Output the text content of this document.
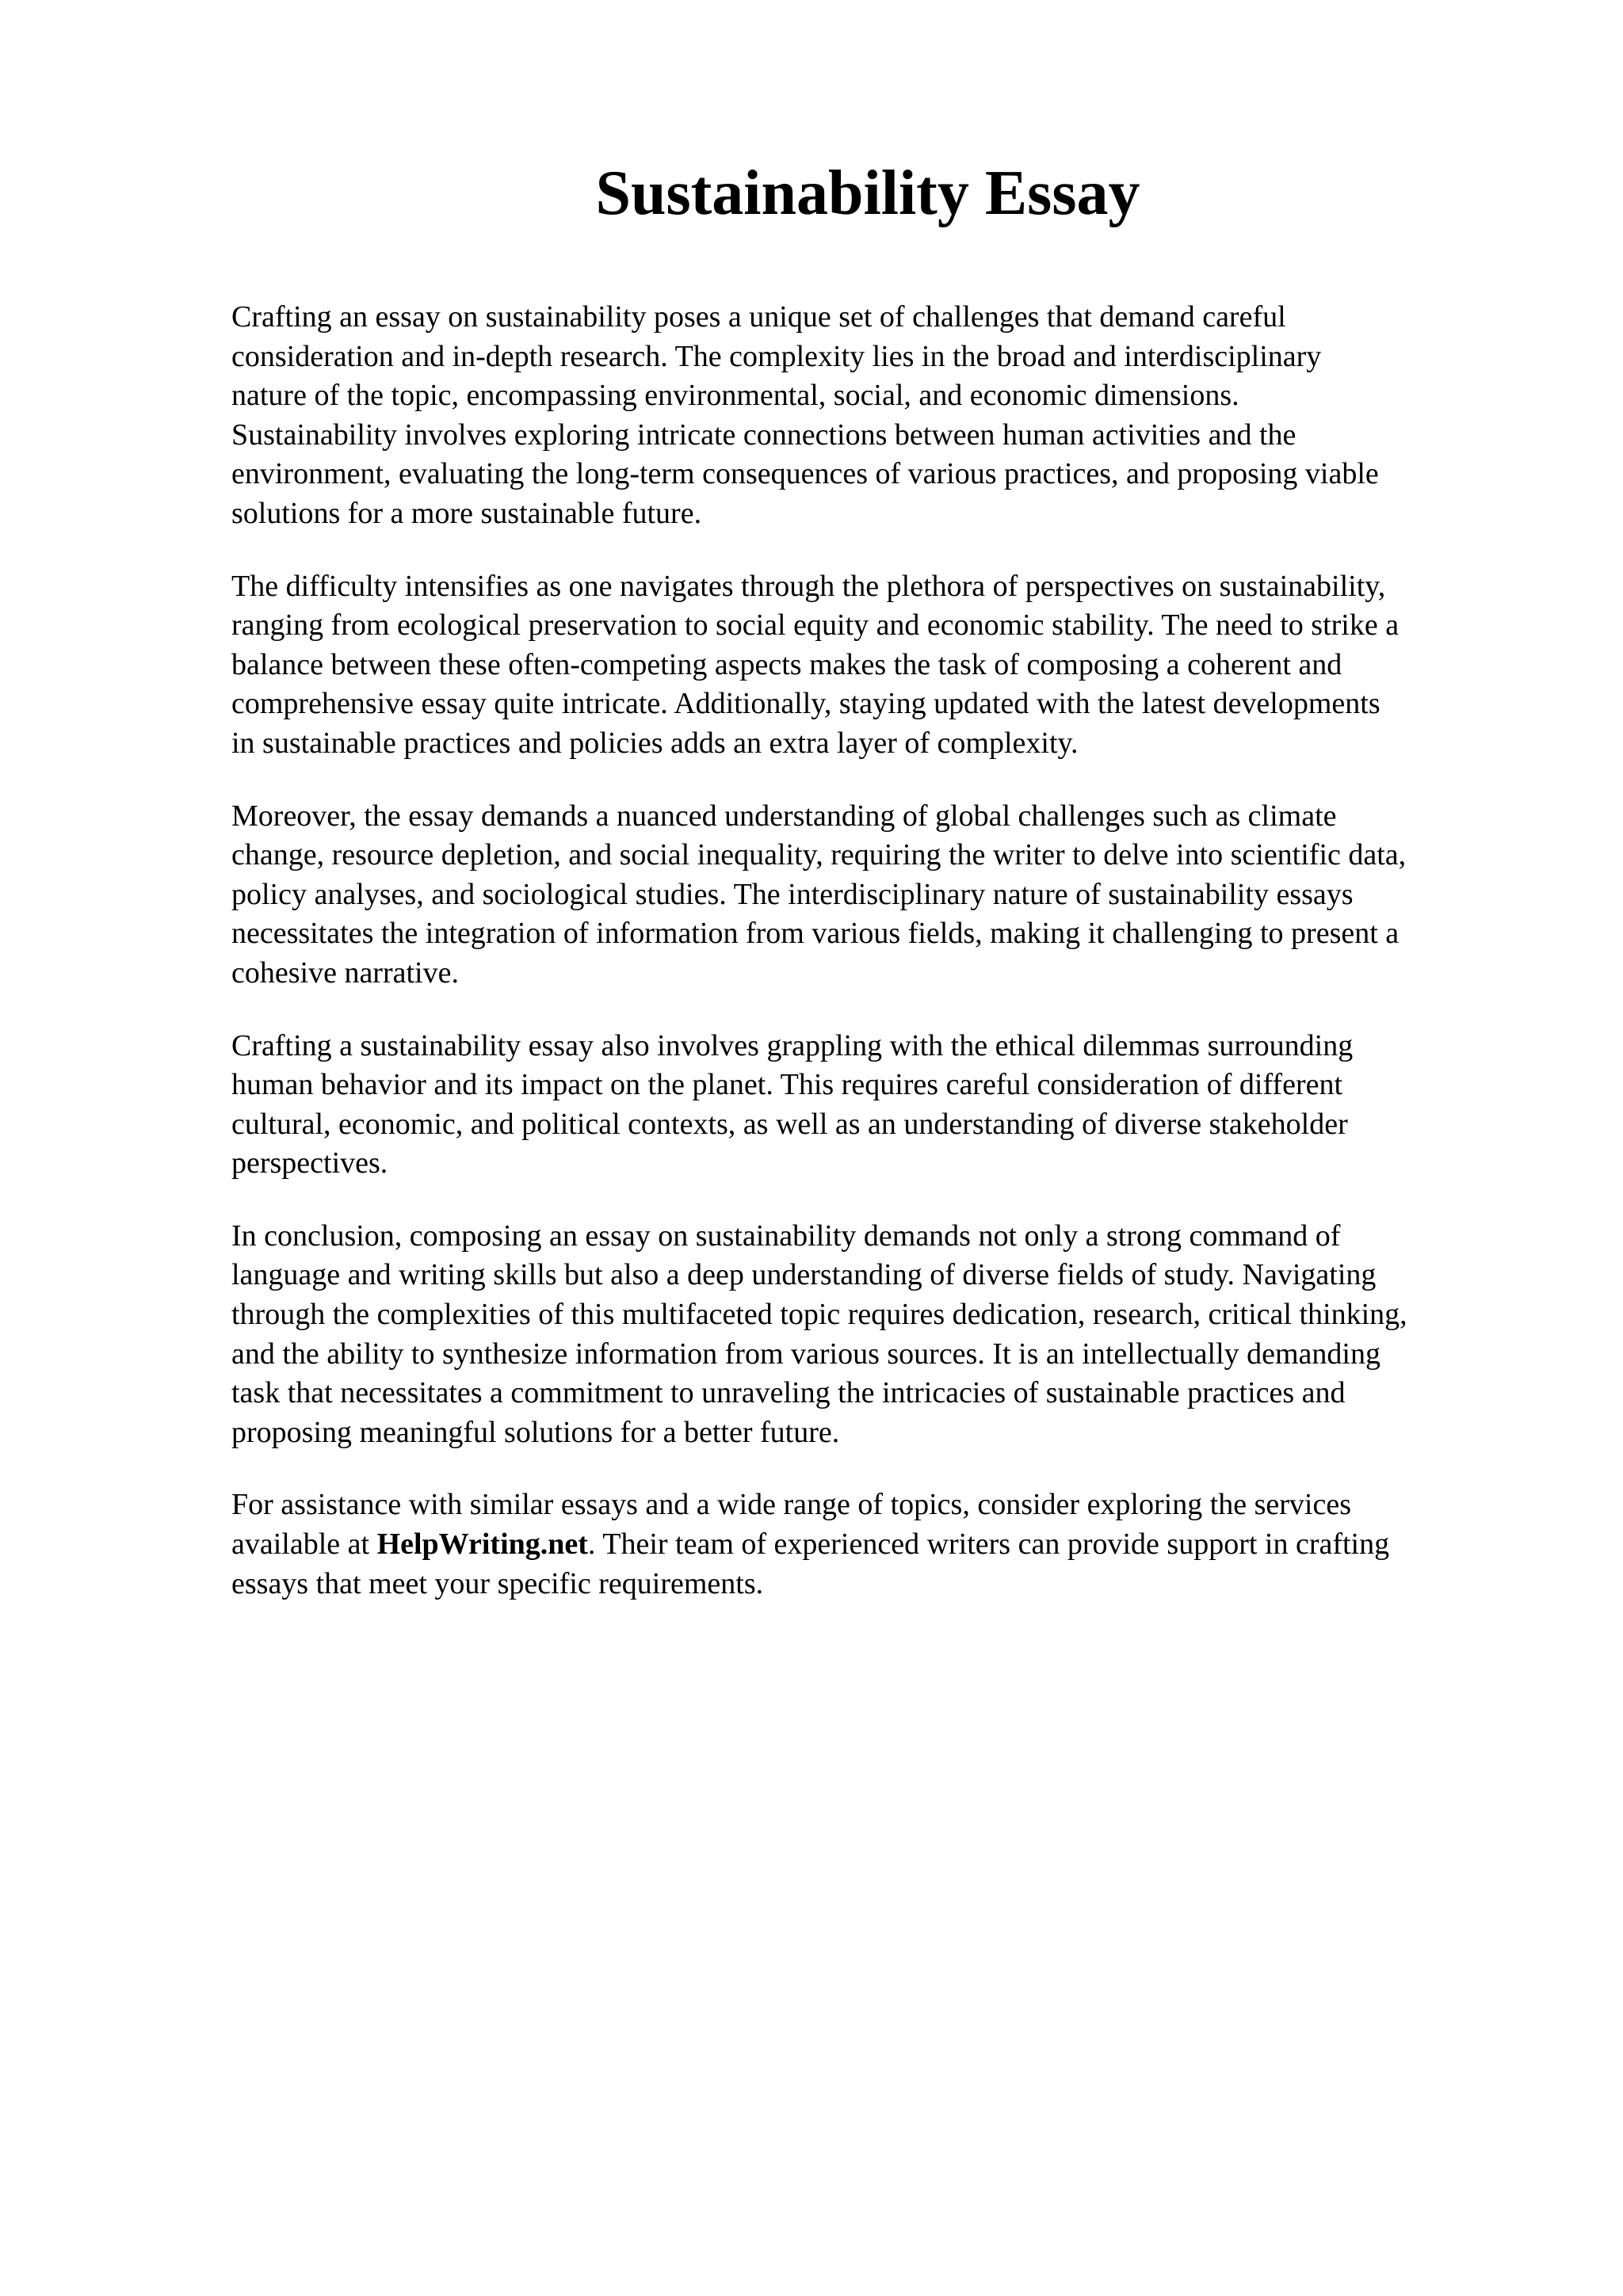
Sustainability Essay

Crafting an essay on sustainability poses a unique set of challenges that demand careful
consideration and in-depth research. The complexity lies in the broad and interdisciplinary
nature of the topic, encompassing environmental, social, and economic dimensions.
Sustainability involves exploring intricate connections between human activities and the
environment, evaluating the long-term consequences of various practices, and proposing viable
solutions for a more sustainable future.

The difficulty intensifies as one navigates through the plethora of perspectives on sustainability,
ranging from ecological preservation to social equity and economic stability. The need to strike a
balance between these often-competing aspects makes the task of composing a coherent and
comprehensive essay quite intricate. Additionally, staying updated with the latest developments
in sustainable practices and policies adds an extra layer of complexity.

Moreover, the essay demands a nuanced understanding of global challenges such as climate
change, resource depletion, and social inequality, requiring the writer to delve into scientific data,
policy analyses, and sociological studies. The interdisciplinary nature of sustainability essays
necessitates the integration of information from various fields, making it challenging to present a
cohesive narrative.

Crafting a sustainability essay also involves grappling with the ethical dilemmas surrounding
human behavior and its impact on the planet. This requires careful consideration of different
cultural, economic, and political contexts, as well as an understanding of diverse stakeholder
perspectives.

In conclusion, composing an essay on sustainability demands not only a strong command of
language and writing skills but also a deep understanding of diverse fields of study. Navigating
through the complexities of this multifaceted topic requires dedication, research, critical thinking,
and the ability to synthesize information from various sources. It is an intellectually demanding
task that necessitates a commitment to unraveling the intricacies of sustainable practices and
proposing meaningful solutions for a better future.

For assistance with similar essays and a wide range of topics, consider exploring the services
available at HelpWriting.net. Their team of experienced writers can provide support in crafting
essays that meet your specific requirements.
